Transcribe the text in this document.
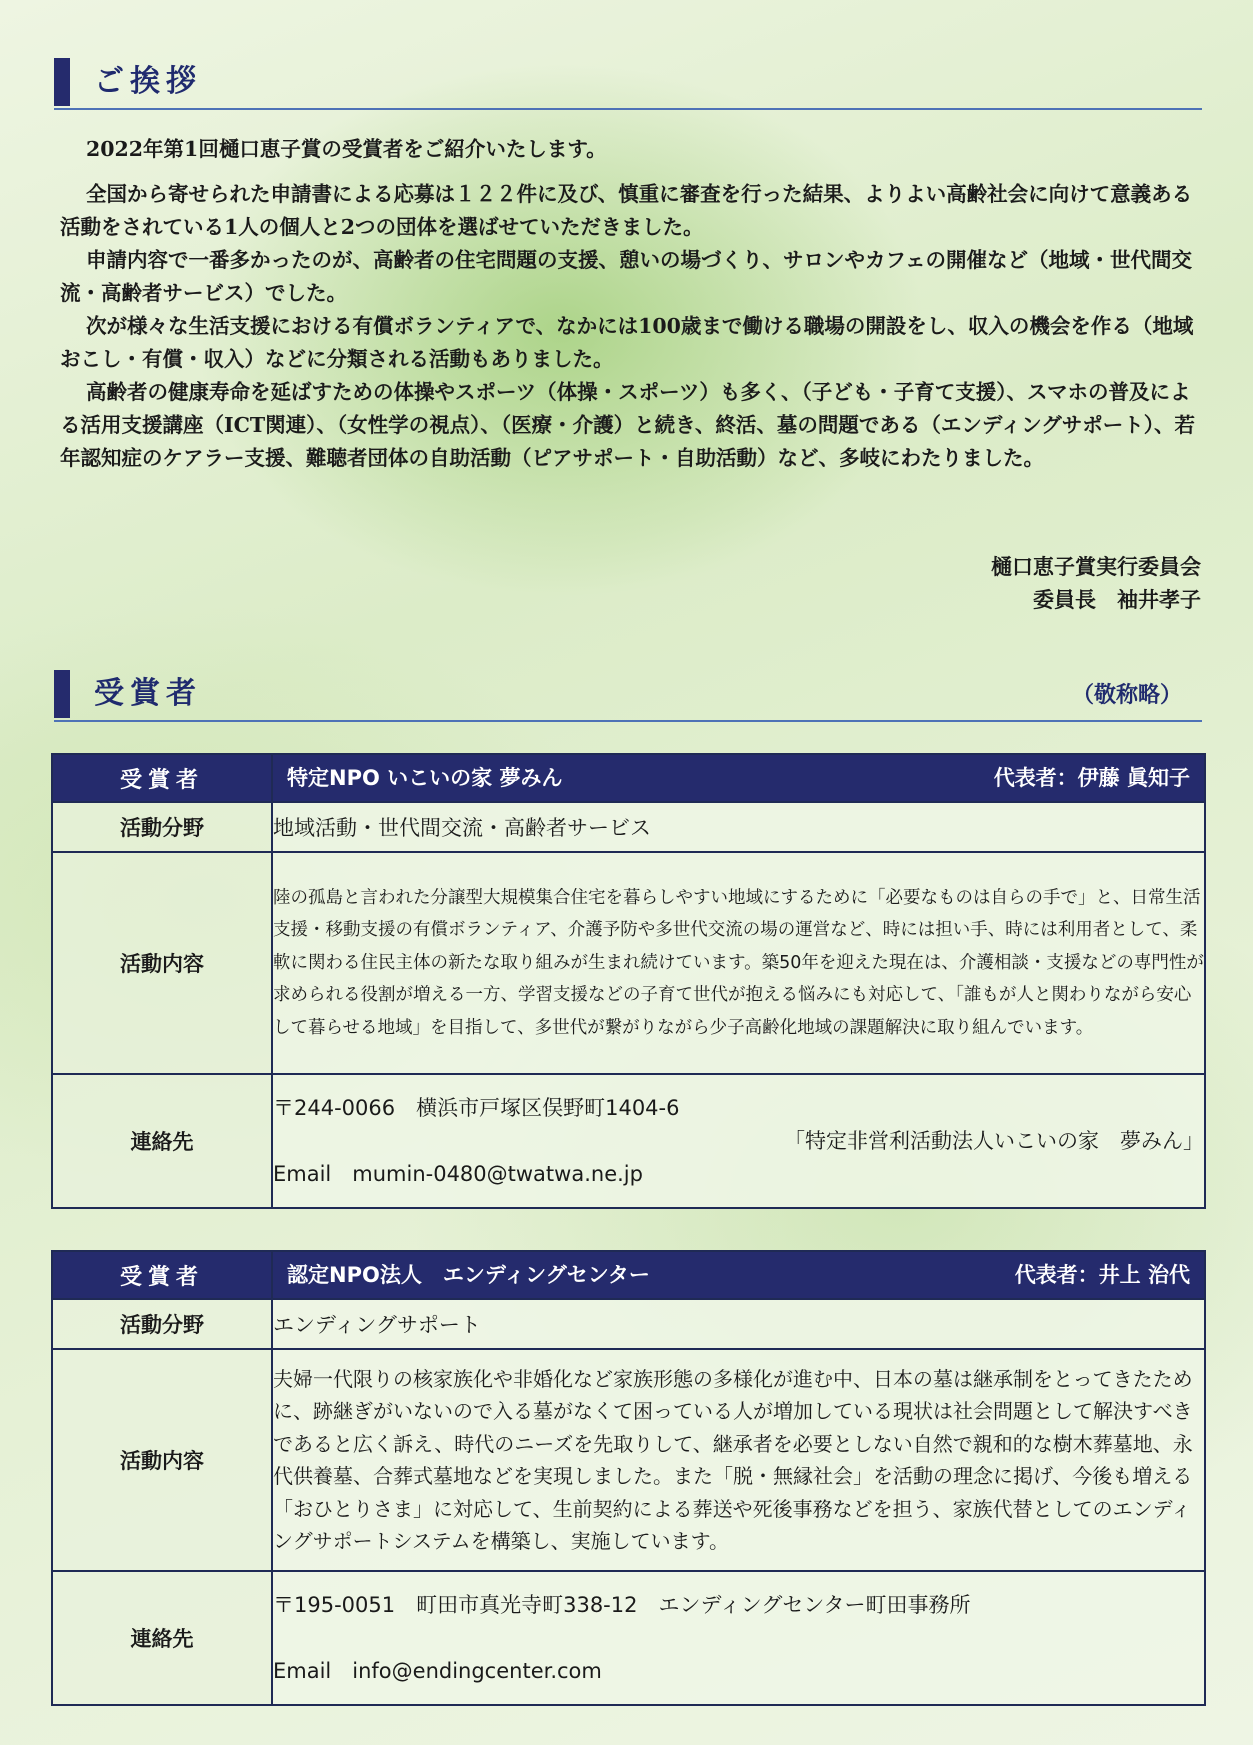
ご挨拶

2022年第1回樋口恵子賞の受賞者をご紹介いたします。

全国から寄せられた申請書による応募は１２２件に及び、慎重に審査を行った結果、よりよい高齢社会に向けて意義ある活動をされている1人の個人と2つの団体を選ばせていただきました。

申請内容で一番多かったのが、高齢者の住宅問題の支援、憩いの場づくり、サロンやカフェの開催など（地域・世代間交流・高齢者サービス）でした。

次が様々な生活支援における有償ボランティアで、なかには100歳まで働ける職場の開設をし、収入の機会を作る（地域おこし・有償・収入）などに分類される活動もありました。

高齢者の健康寿命を延ばすための体操やスポーツ（体操・スポーツ）も多く、（子ども・子育て支援）、スマホの普及による活用支援講座（ICT関連）、（女性学の視点）、（医療・介護）と続き、終活、墓の問題である（エンディングサポート）、若年認知症のケアラー支援、難聴者団体の自助活動（ピアサポート・自助活動）など、多岐にわたりました。

樋口恵子賞実行委員会
委員長　袖井孝子
受賞者	（敬称略）
受賞者	特定NPO いこいの家 夢みん 代表者：伊藤 眞知子

活動分野	地域活動・世代間交流・高齢者サービス
活動内容	陸の孤島と言われた分譲型大規模集合住宅を暮らしやすい地域にするために「必要なものは自らの手で」と、日常生活支援・移動支援の有償ボランティア、介護予防や多世代交流の場の運営など、時には担い手、時には利用者として、柔軟に関わる住民主体の新たな取り組みが生まれ続けています。築50年を迎えた現在は、介護相談・支援などの専門性が求められる役割が増える一方、学習支援などの子育て世代が抱える悩みにも対応して、「誰もが人と関わりながら安心して暮らせる地域」を目指して、多世代が繋がりながら少子高齢化地域の課題解決に取り組んでいます。
連絡先	〒244-0066　横浜市戸塚区俣野町1404-6
「特定非営利活動法人いこいの家　夢みん」
Email　mumin-0480@twatwa.ne.jp
受賞者	認定NPO法人　エンディングセンター 代表者：井上 治代

活動分野	エンディングサポート
活動内容	夫婦一代限りの核家族化や非婚化など家族形態の多様化が進む中、日本の墓は継承制をとってきたために、跡継ぎがいないので入る墓がなくて困っている人が増加している現状は社会問題として解決すべきであると広く訴え、時代のニーズを先取りして、継承者を必要としない自然で親和的な樹木葬墓地、永代供養墓、合葬式墓地などを実現しました。また「脱・無縁社会」を活動の理念に掲げ、今後も増える「おひとりさま」に対応して、生前契約による葬送や死後事務などを担う、家族代替としてのエンディングサポートシステムを構築し、実施しています。
連絡先	〒195-0051　町田市真光寺町338-12　エンディングセンター町田事務所
Email　info@endingcenter.com
